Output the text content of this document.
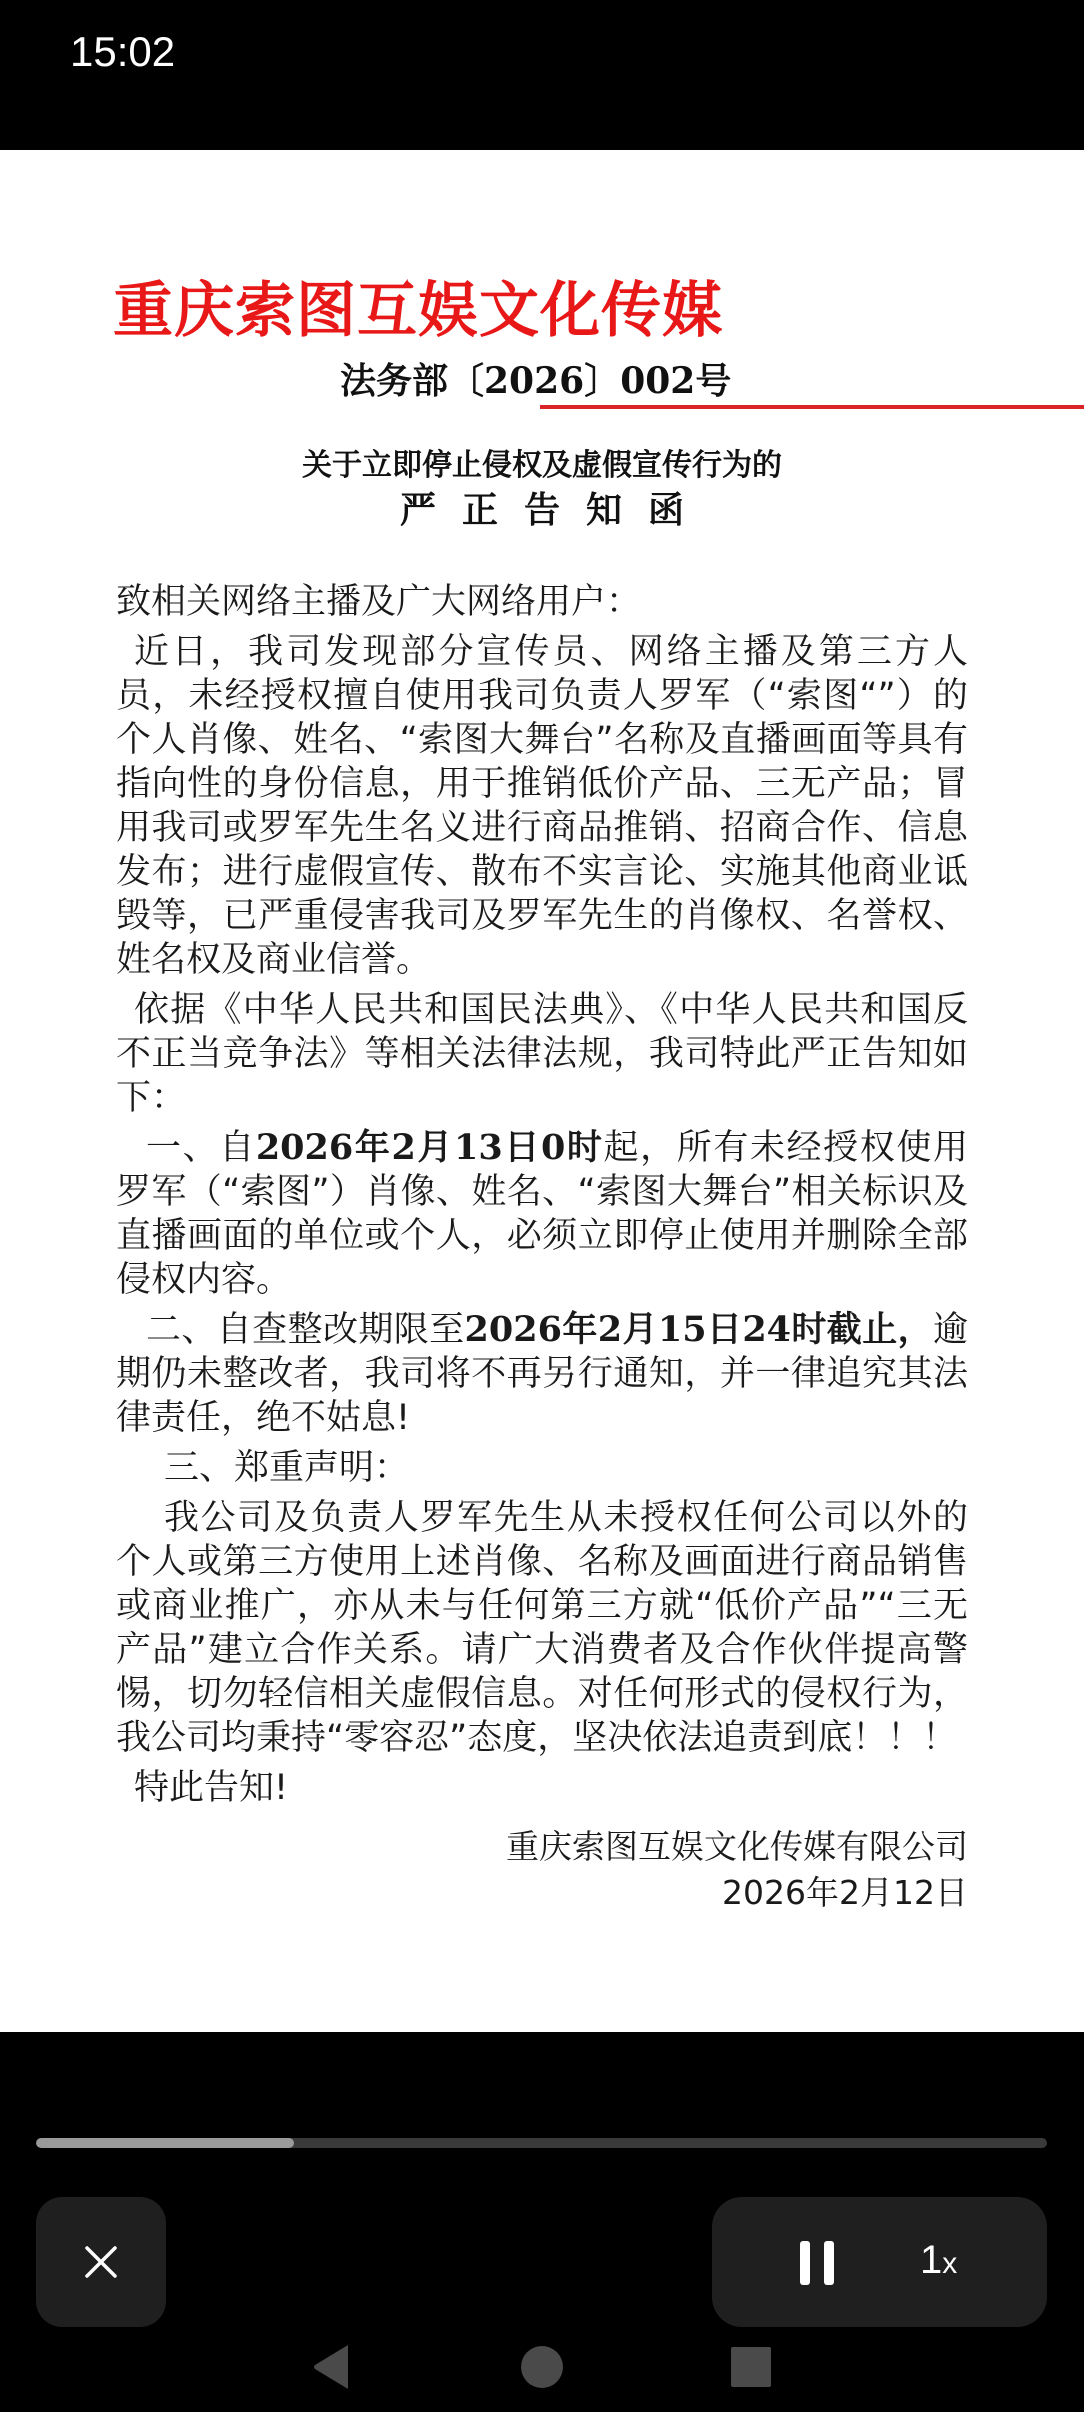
15:02
重庆索图互娱文化传媒
法务部〔2026〕002号
关于立即停止侵权及虚假宣传行为的
严正告知函

致相关网络主播及广大网络用户：

近日，我司发现部分宣传员、网络主播及第三方人员，未经授权擅自使用我司负责人罗军（“索图“”）的个人肖像、姓名、“索图大舞台”名称及直播画面等具有指向性的身份信息，用于推销低价产品、三无产品；冒用我司或罗军先生名义进行商品推销、招商合作、信息发布；进行虚假宣传、散布不实言论、实施其他商业诋毁等，已严重侵害我司及罗军先生的肖像权、名誉权、姓名权及商业信誉。

依据《中华人民共和国民法典》、《中华人民共和国反不正当竞争法》等相关法律法规，我司特此严正告知如下：

一、自2026年2月13日0时起，所有未经授权使用罗军（“索图”）肖像、姓名、“索图大舞台”相关标识及直播画面的单位或个人，必须立即停止使用并删除全部侵权内容。

二、自查整改期限至2026年2月15日24时截止，逾期仍未整改者，我司将不再另行通知，并一律追究其法律责任，绝不姑息!

三、郑重声明：

我公司及负责人罗军先生从未授权任何公司以外的个人或第三方使用上述肖像、名称及画面进行商品销售或商业推广，亦从未与任何第三方就“低价产品”“三无产品”建立合作关系。请广大消费者及合作伙伴提高警惕，切勿轻信相关虚假信息。对任何形式的侵权行为，我公司均秉持“零容忍”态度，坚决依法追责到底！！！

特此告知!

重庆索图互娱文化传媒有限公司
2026年2月12日
1x
